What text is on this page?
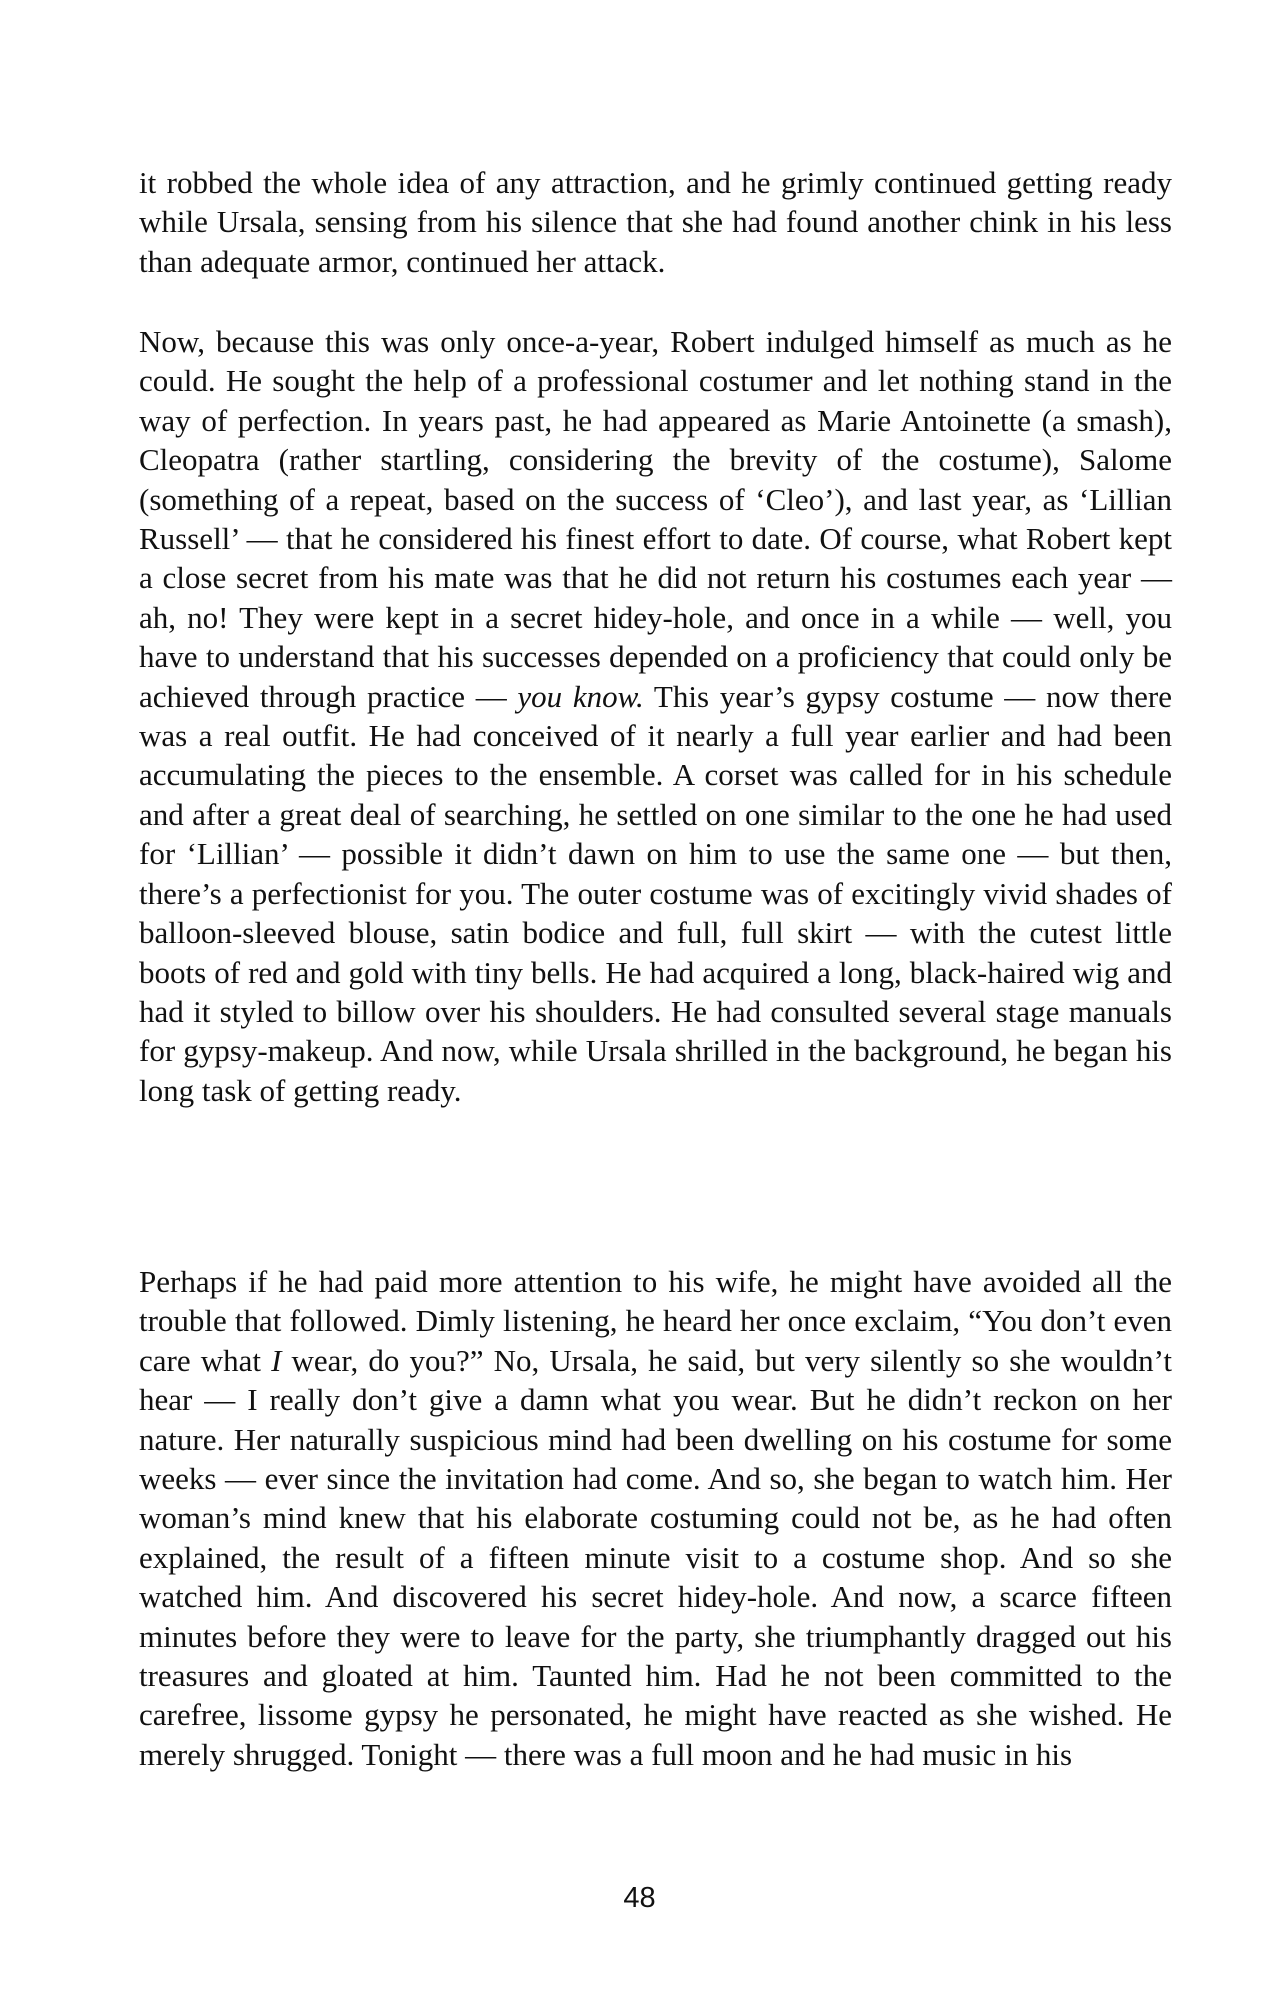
it robbed the whole idea of any attraction, and he grimly continued getting ready while Ursala, sensing from his silence that she had found another chink in his less than adequate armor, continued her attack.

Now, because this was only once-a-year, Robert indulged himself as much as he could. He sought the help of a professional costumer and let nothing stand in the way of perfection. In years past, he had appeared as Marie Antoinette (a smash), Cleopatra (rather startling, considering the brevity of the costume), Salome (something of a repeat, based on the success of ‘Cleo’), and last year, as ‘Lillian Russell’ — that he considered his finest effort to date. Of course, what Robert kept a close secret from his mate was that he did not return his costumes each year — ah, no! They were kept in a secret hidey-hole, and once in a while — well, you have to understand that his successes depended on a proficiency that could only be achieved through practice — you know. This year’s gypsy costume — now there was a real outfit. He had conceived of it nearly a full year earlier and had been accumulating the pieces to the ensemble. A corset was called for in his schedule and after a great deal of searching, he settled on one similar to the one he had used for ‘Lillian’ — possible it didn’t dawn on him to use the same one — but then, there’s a perfectionist for you. The outer costume was of excitingly vivid shades of balloon-sleeved blouse, satin bodice and full, full skirt — with the cutest little boots of red and gold with tiny bells. He had acquired a long, black-haired wig and had it styled to billow over his shoulders. He had consulted several stage manuals for gypsy-makeup. And now, while Ursala shrilled in the background, he began his long task of getting ready.

Perhaps if he had paid more attention to his wife, he might have avoided all the trouble that followed. Dimly listening, he heard her once exclaim, “You don’t even care what I wear, do you?” No, Ursala, he said, but very silently so she wouldn’t hear — I really don’t give a damn what you wear. But he didn’t reckon on her nature. Her naturally suspicious mind had been dwelling on his costume for some weeks — ever since the invitation had come. And so, she began to watch him. Her woman’s mind knew that his elaborate costuming could not be, as he had often explained, the result of a fifteen minute visit to a costume shop. And so she watched him. And discovered his secret hidey-hole. And now, a scarce fifteen minutes before they were to leave for the party, she triumphantly dragged out his treasures and gloated at him. Taunted him. Had he not been committed to the carefree, lissome gypsy he personated, he might have reacted as she wished. He merely shrugged. Tonight — there was a full moon and he had music in his

48
